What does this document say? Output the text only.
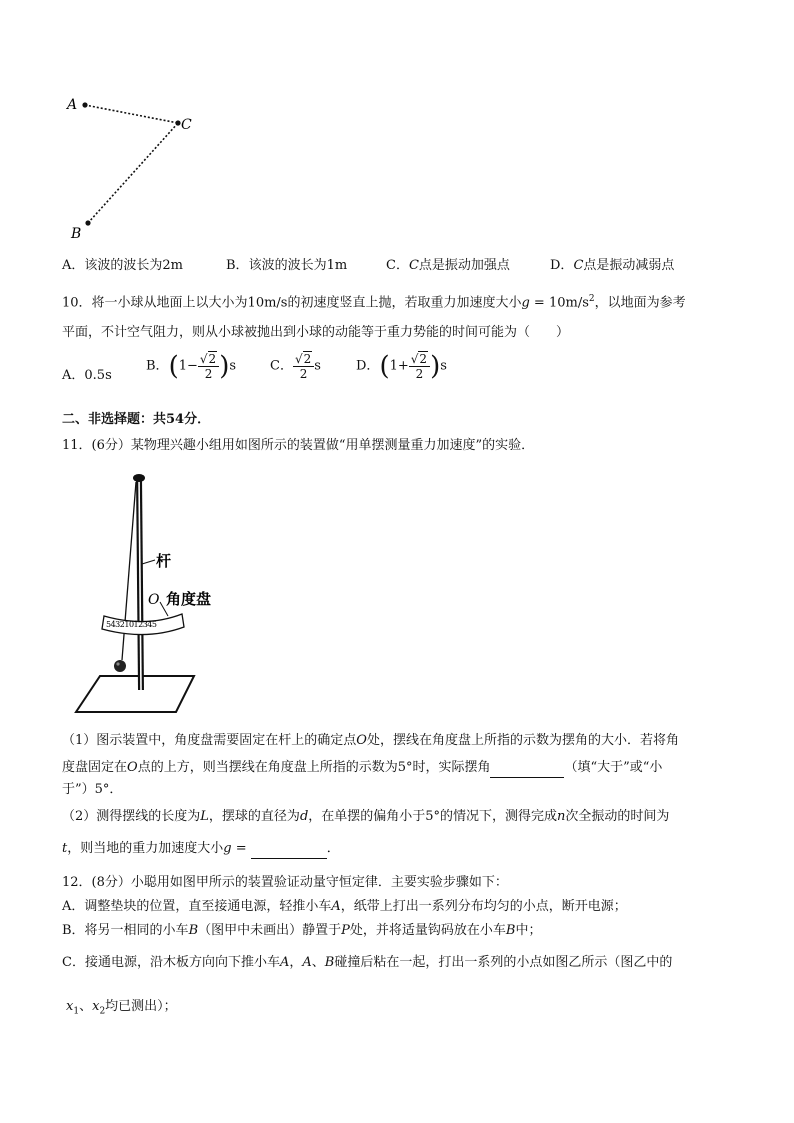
A
C
B
A．该波的波长为2m	B．该波的波长为1m	C．C点是振动加强点	D．C点是振动减弱点
10．将一小球从地面上以大小为10m/s的初速度竖直上抛，若取重力加速度大小$g = 10m/s^2$，以地面为参考
平面，不计空气阻力，则从小球被抛出到小球的动能等于重力势能的时间可能为（　　）
A．0.5s
B．$(1- \frac{√2}{2} )s$	C． $\frac{√2}{2}$ s	D．$(1+ \frac{√2}{2} )s$
二、非选择题：共54分．
11．(6分）某物理兴趣小组用如图所示的装置做“用单摆测量重力加速度”的实验．
54321012345
杆
O 角度盘
（1）图示装置中，角度盘需要固定在杆上的确定点O处，摆线在角度盘上所指的示数为摆角的大小．若将角
度盘固定在O点的上方，则当摆线在角度盘上所指的示数为5°时，实际摆角	（填“大于”或“小
于”）5°．
（2）测得摆线的长度为L，摆球的直径为d，在单摆的偏角小于5°的情况下，测得完成n次全振动的时间为
t，则当地的重力加速度大小g =	．
12．(8分）小聪用如图甲所示的装置验证动量守恒定律．主要实验步骤如下：
A．调整垫块的位置，直至接通电源，轻推小车A，纸带上打出一系列分布均匀的小点，断开电源；
B．将另一相同的小车B（图甲中未画出）静置于P处，并将适量钩码放在小车B中；
C．接通电源，沿木板方向向下推小车A，A、B碰撞后粘在一起，打出一系列的小点如图乙所示（图乙中的
$x_1$、$x_2$均已测出）；
